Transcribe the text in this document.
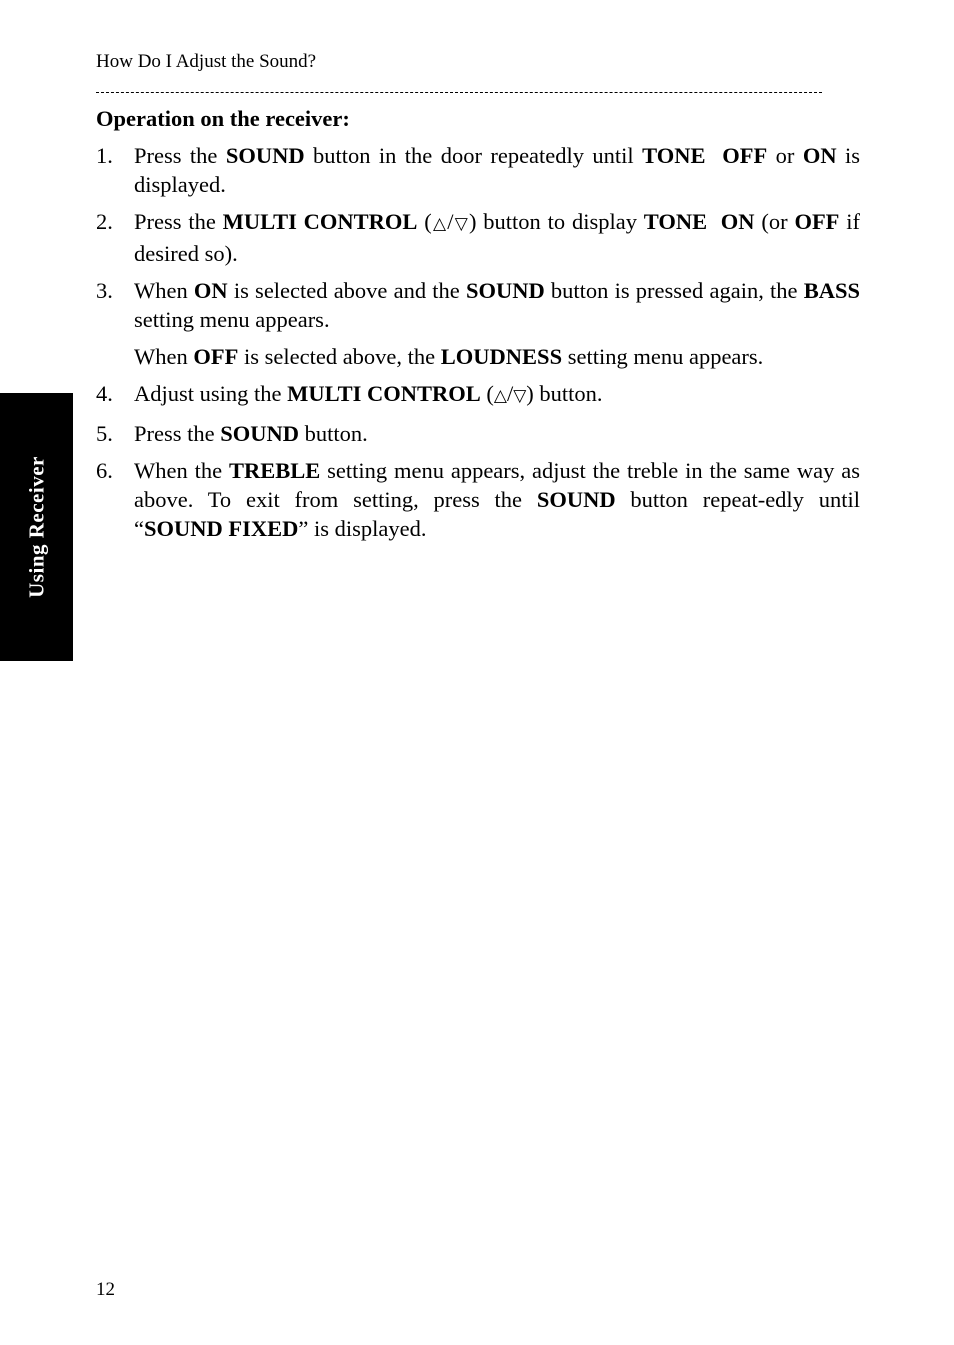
How Do I Adjust the Sound?
Using Receiver
Operation on the receiver:
1. Press the SOUND button in the door repeatedly until TONE  OFF or ON is displayed.
2. Press the MULTI CONTROL (△/▽) button to display TONE  ON (or OFF if desired so).
3. When ON is selected above and the SOUND button is pressed again, the BASS setting menu appears.
When OFF is selected above, the LOUDNESS setting menu appears.
4. Adjust using the MULTI CONTROL (△/▽) button.
5. Press the SOUND button.
6. When the TREBLE setting menu appears, adjust the treble in the same way as above. To exit from setting, press the SOUND button repeat-edly until “SOUND FIXED” is displayed.
12
